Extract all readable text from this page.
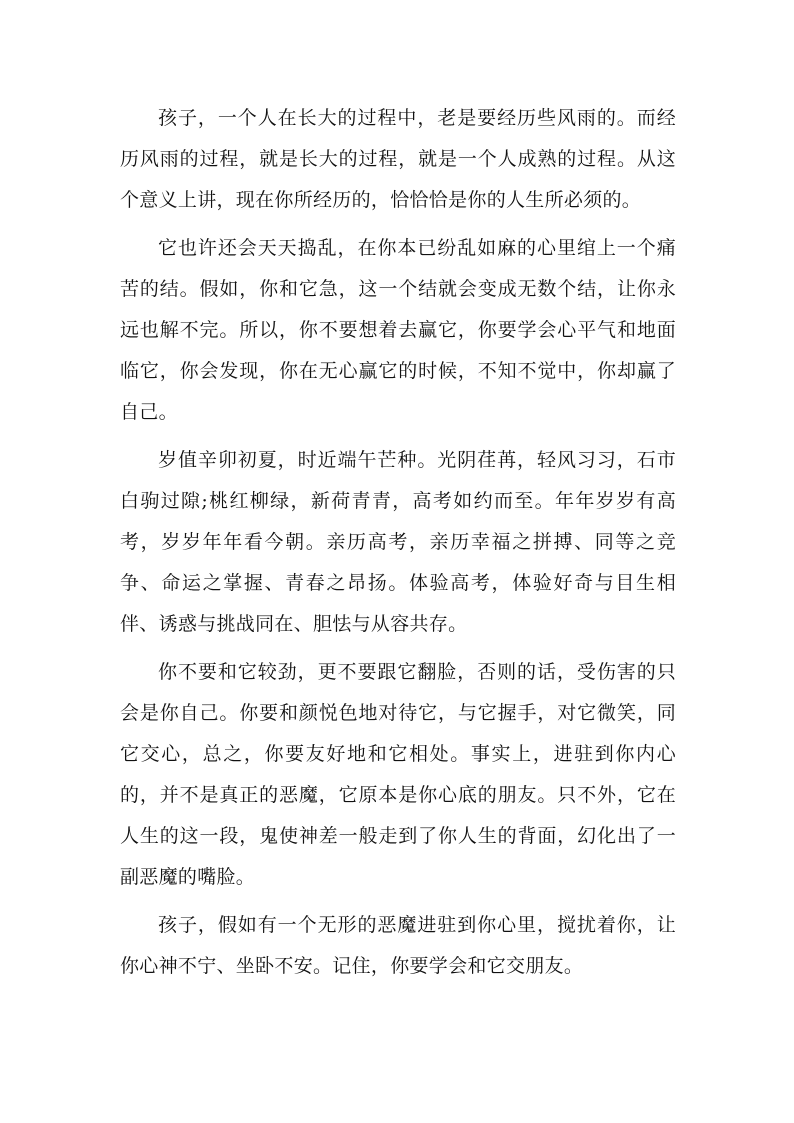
孩子，一个人在长大的过程中，老是要经历些风雨的。而经历风雨的过程，就是长大的过程，就是一个人成熟的过程。从这个意义上讲，现在你所经历的，恰恰恰是你的人生所必须的。

它也许还会天天捣乱，在你本已纷乱如麻的心里绾上一个痛苦的结。假如，你和它急，这一个结就会变成无数个结，让你永远也解不完。所以，你不要想着去赢它，你要学会心平气和地面临它，你会发现，你在无心赢它的时候，不知不觉中，你却赢了自己。

岁值辛卯初夏，时近端午芒种。光阴荏苒，轻风习习，石市白驹过隙;桃红柳绿，新荷青青，高考如约而至。年年岁岁有高考，岁岁年年看今朝。亲历高考，亲历幸福之拼搏、同等之竞争、命运之掌握、青春之昂扬。体验高考，体验好奇与目生相伴、诱惑与挑战同在、胆怯与从容共存。

你不要和它较劲，更不要跟它翻脸，否则的话，受伤害的只会是你自己。你要和颜悦色地对待它，与它握手，对它微笑，同它交心，总之，你要友好地和它相处。事实上，进驻到你内心的，并不是真正的恶魔，它原本是你心底的朋友。只不外，它在人生的这一段，鬼使神差一般走到了你人生的背面，幻化出了一副恶魔的嘴脸。

孩子，假如有一个无形的恶魔进驻到你心里，搅扰着你，让你心神不宁、坐卧不安。记住，你要学会和它交朋友。
